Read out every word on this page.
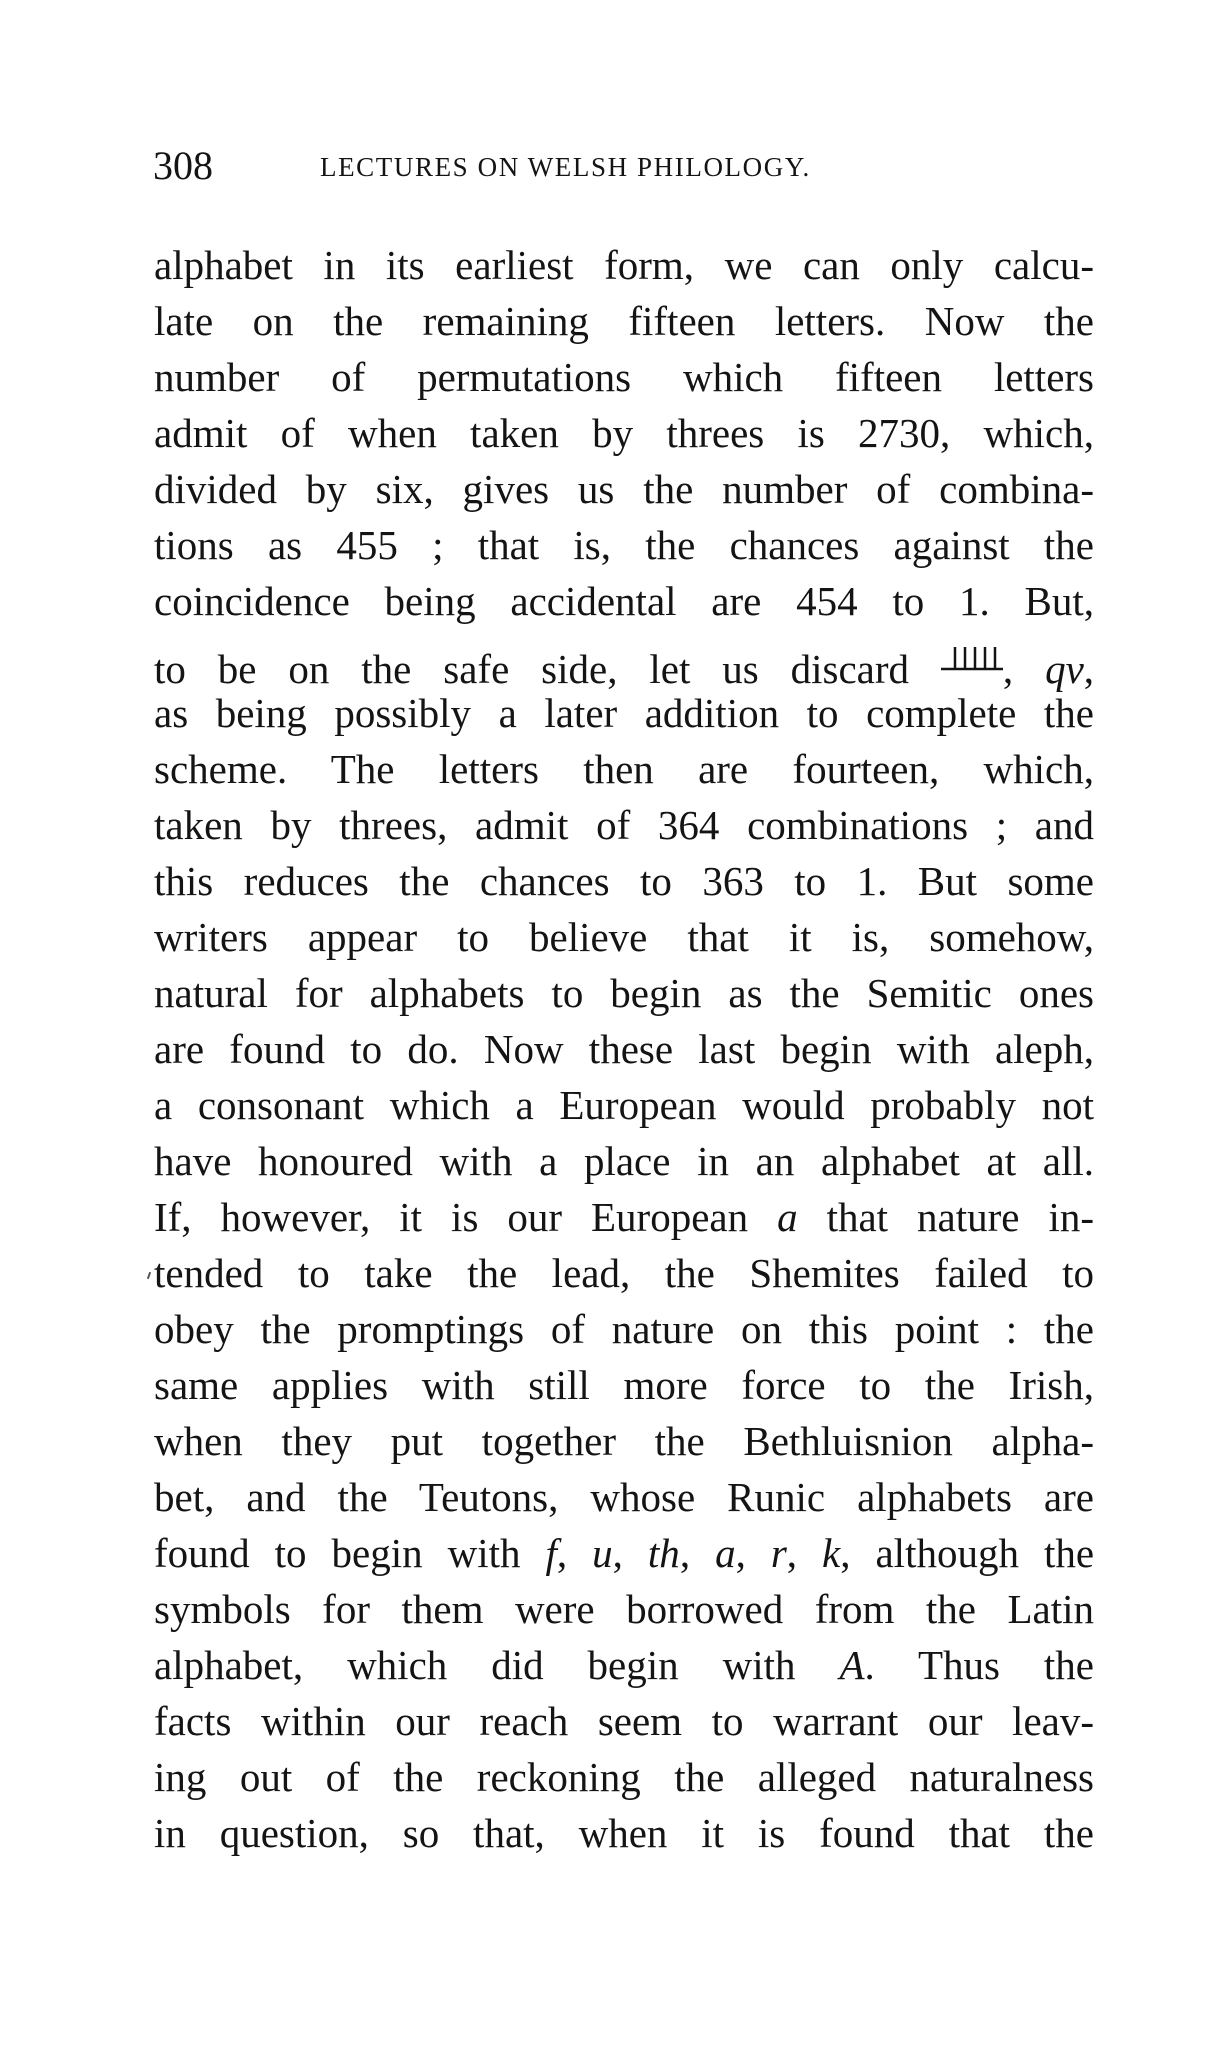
308	LECTURES ON WELSH PHILOLOGY.
alphabet in its earliest form, we can only calcu-
late on the remaining fifteen letters. Now the
number of permutations which fifteen letters
admit of when taken by threes is 2730, which,
divided by six, gives us the number of combina-
tions as 455 ; that is, the chances against the
coincidence being accidental are 454 to 1. But,
to be on the safe side, let us discard , qv,
as being possibly a later addition to complete the
scheme. The letters then are fourteen, which,
taken by threes, admit of 364 combinations ; and
this reduces the chances to 363 to 1. But some
writers appear to believe that it is, somehow,
natural for alphabets to begin as the Semitic ones
are found to do. Now these last begin with aleph,
a consonant which a European would probably not
have honoured with a place in an alphabet at all.
If, however, it is our European a that nature in-
tended to take the lead, the Shemites failed to
obey the promptings of nature on this point : the
same applies with still more force to the Irish,
when they put together the Bethluisnion alpha-
bet, and the Teutons, whose Runic alphabets are
found to begin with f, u, th, a, r, k, although the
symbols for them were borrowed from the Latin
alphabet, which did begin with A. Thus the
facts within our reach seem to warrant our leav-
ing out of the reckoning the alleged naturalness
in question, so that, when it is found that the
